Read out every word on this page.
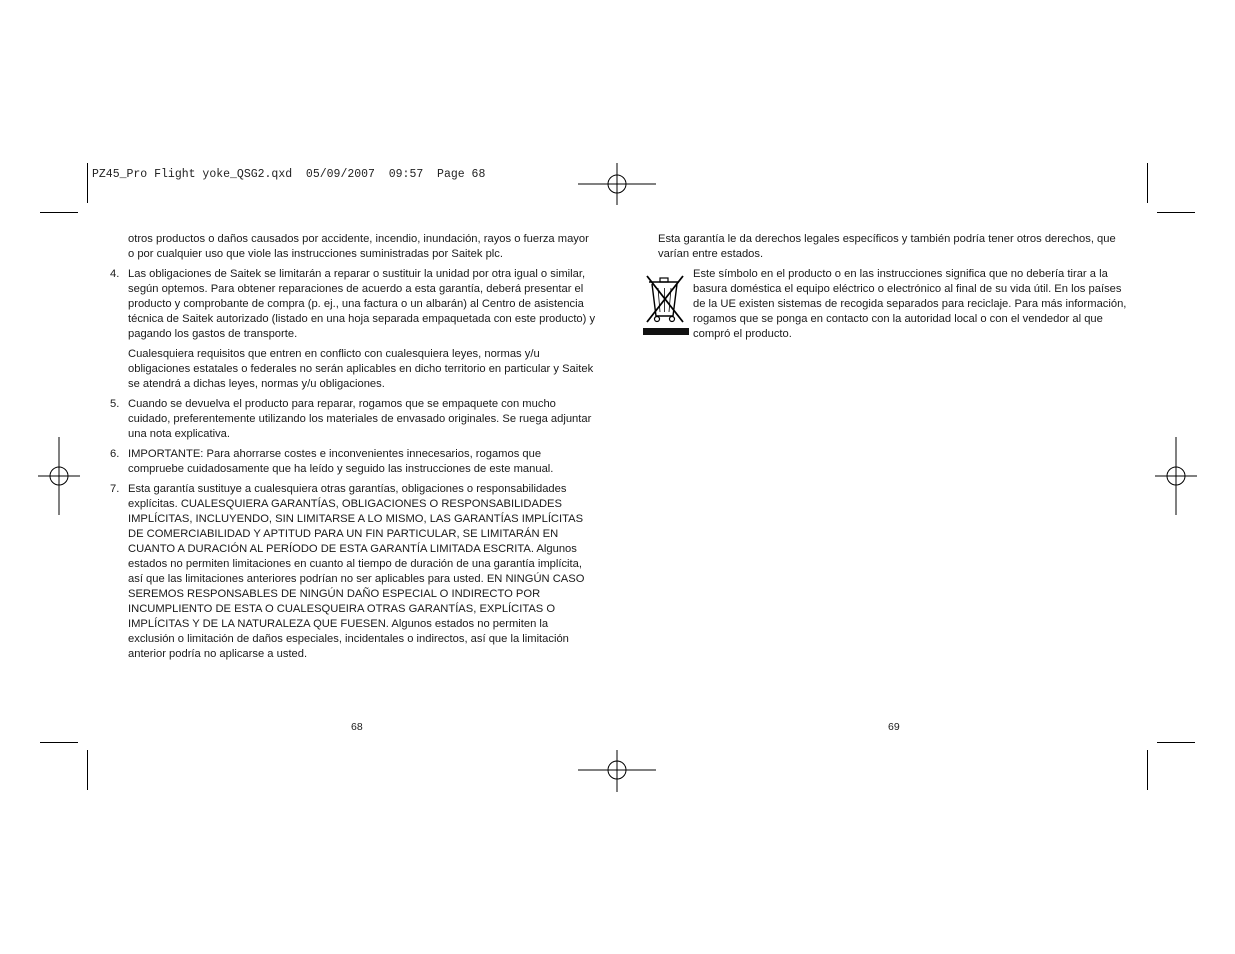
PZ45_Pro Flight yoke_QSG2.qxd  05/09/2007  09:57  Page 68

otros productos o daños causados por accidente, incendio, inundación, rayos o fuerza mayor o por cualquier uso que viole las instrucciones suministradas por Saitek plc.

4. Las obligaciones de Saitek se limitarán a reparar o sustituir la unidad por otra igual o similar, según optemos. Para obtener reparaciones de acuerdo a esta garantía, deberá presentar el producto y comprobante de compra (p. ej., una factura o un albarán) al Centro de asistencia técnica de Saitek autorizado (listado en una hoja separada empaquetada con este producto) y pagando los gastos de transporte.

Cualesquiera requisitos que entren en conflicto con cualesquiera leyes, normas y/u obligaciones estatales o federales no serán aplicables en dicho territorio en particular y Saitek se atendrá a dichas leyes, normas y/u obligaciones.

5. Cuando se devuelva el producto para reparar, rogamos que se empaquete con mucho cuidado, preferentemente utilizando los materiales de envasado originales. Se ruega adjuntar una nota explicativa.
6. IMPORTANTE: Para ahorrarse costes e inconvenientes innecesarios, rogamos que compruebe cuidadosamente que ha leído y seguido las instrucciones de este manual.
7. Esta garantía sustituye a cualesquiera otras garantías, obligaciones o responsabilidades explícitas. CUALESQUIERA GARANTÍAS, OBLIGACIONES O RESPONSABILIDADES IMPLÍCITAS, INCLUYENDO, SIN LIMITARSE A LO MISMO, LAS GARANTÍAS IMPLÍCITAS DE COMERCIABILIDAD Y APTITUD PARA UN FIN PARTICULAR, SE LIMITARÁN EN CUANTO A DURACIÓN AL PERÍODO DE ESTA GARANTÍA LIMITADA ESCRITA. Algunos estados no permiten limitaciones en cuanto al tiempo de duración de una garantía implícita, así que las limitaciones anteriores podrían no ser aplicables para usted. EN NINGÚN CASO SEREMOS RESPONSABLES DE NINGÚN DAÑO ESPECIAL O INDIRECTO POR INCUMPLIENTO DE ESTA O CUALESQUEIRA OTRAS GARANTÍAS, EXPLÍCITAS O IMPLÍCITAS Y DE LA NATURALEZA QUE FUESEN. Algunos estados no permiten la exclusión o limitación de daños especiales, incidentales o indirectos, así que la limitación anterior podría no aplicarse a usted.
68

Esta garantía le da derechos legales específicos y también podría tener otros derechos, que varían entre estados.

Este símbolo en el producto o en las instrucciones significa que no debería tirar a la basura doméstica el equipo eléctrico o electrónico al final de su vida útil. En los países de la UE existen sistemas de recogida separados para reciclaje. Para más información, rogamos que se ponga en contacto con la autoridad local o con el vendedor al que compró el producto.
69
